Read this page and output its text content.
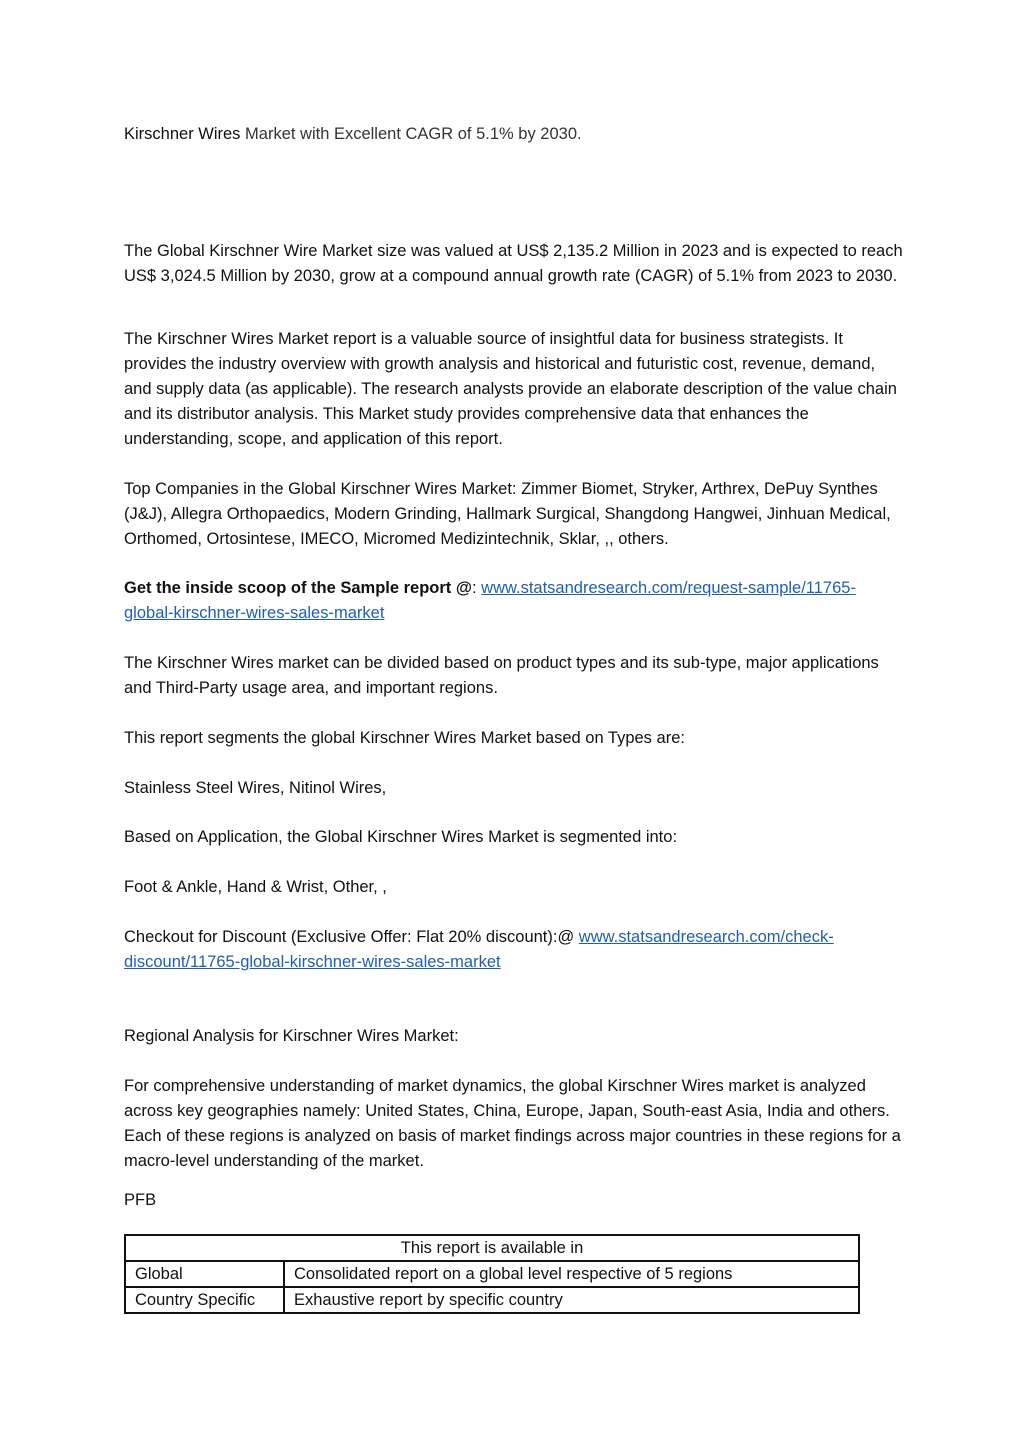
Kirschner Wires Market with Excellent CAGR of 5.1% by 2030.

The Global Kirschner Wire Market size was valued at US$ 2,135.2 Million in 2023 and is expected to reach US$ 3,024.5 Million by 2030, grow at a compound annual growth rate (CAGR) of 5.1% from 2023 to 2030.

The Kirschner Wires Market report is a valuable source of insightful data for business strategists. It provides the industry overview with growth analysis and historical and futuristic cost, revenue, demand, and supply data (as applicable). The research analysts provide an elaborate description of the value chain and its distributor analysis. This Market study provides comprehensive data that enhances the understanding, scope, and application of this report.

Top Companies in the Global Kirschner Wires Market: Zimmer Biomet, Stryker, Arthrex, DePuy Synthes (J&J), Allegra Orthopaedics, Modern Grinding, Hallmark Surgical, Shangdong Hangwei, Jinhuan Medical, Orthomed, Ortosintese, IMECO, Micromed Medizintechnik, Sklar, ,, others.

Get the inside scoop of the Sample report @: www.statsandresearch.com/request-sample/11765-global-kirschner-wires-sales-market

The Kirschner Wires market can be divided based on product types and its sub-type, major applications and Third-Party usage area, and important regions.

This report segments the global Kirschner Wires Market based on Types are:

Stainless Steel Wires, Nitinol Wires,

Based on Application, the Global Kirschner Wires Market is segmented into:

Foot & Ankle, Hand & Wrist, Other, ,

Checkout for Discount (Exclusive Offer: Flat 20% discount):@ www.statsandresearch.com/check-discount/11765-global-kirschner-wires-sales-market

Regional Analysis for Kirschner Wires Market:

For comprehensive understanding of market dynamics, the global Kirschner Wires market is analyzed across key geographies namely: United States, China, Europe, Japan, South-east Asia, India and others. Each of these regions is analyzed on basis of market findings across major countries in these regions for a macro-level understanding of the market.

PFB

This report is available in	
Global	Consolidated report on a global level respective of 5 regions
Country Specific	Exhaustive report by specific country
